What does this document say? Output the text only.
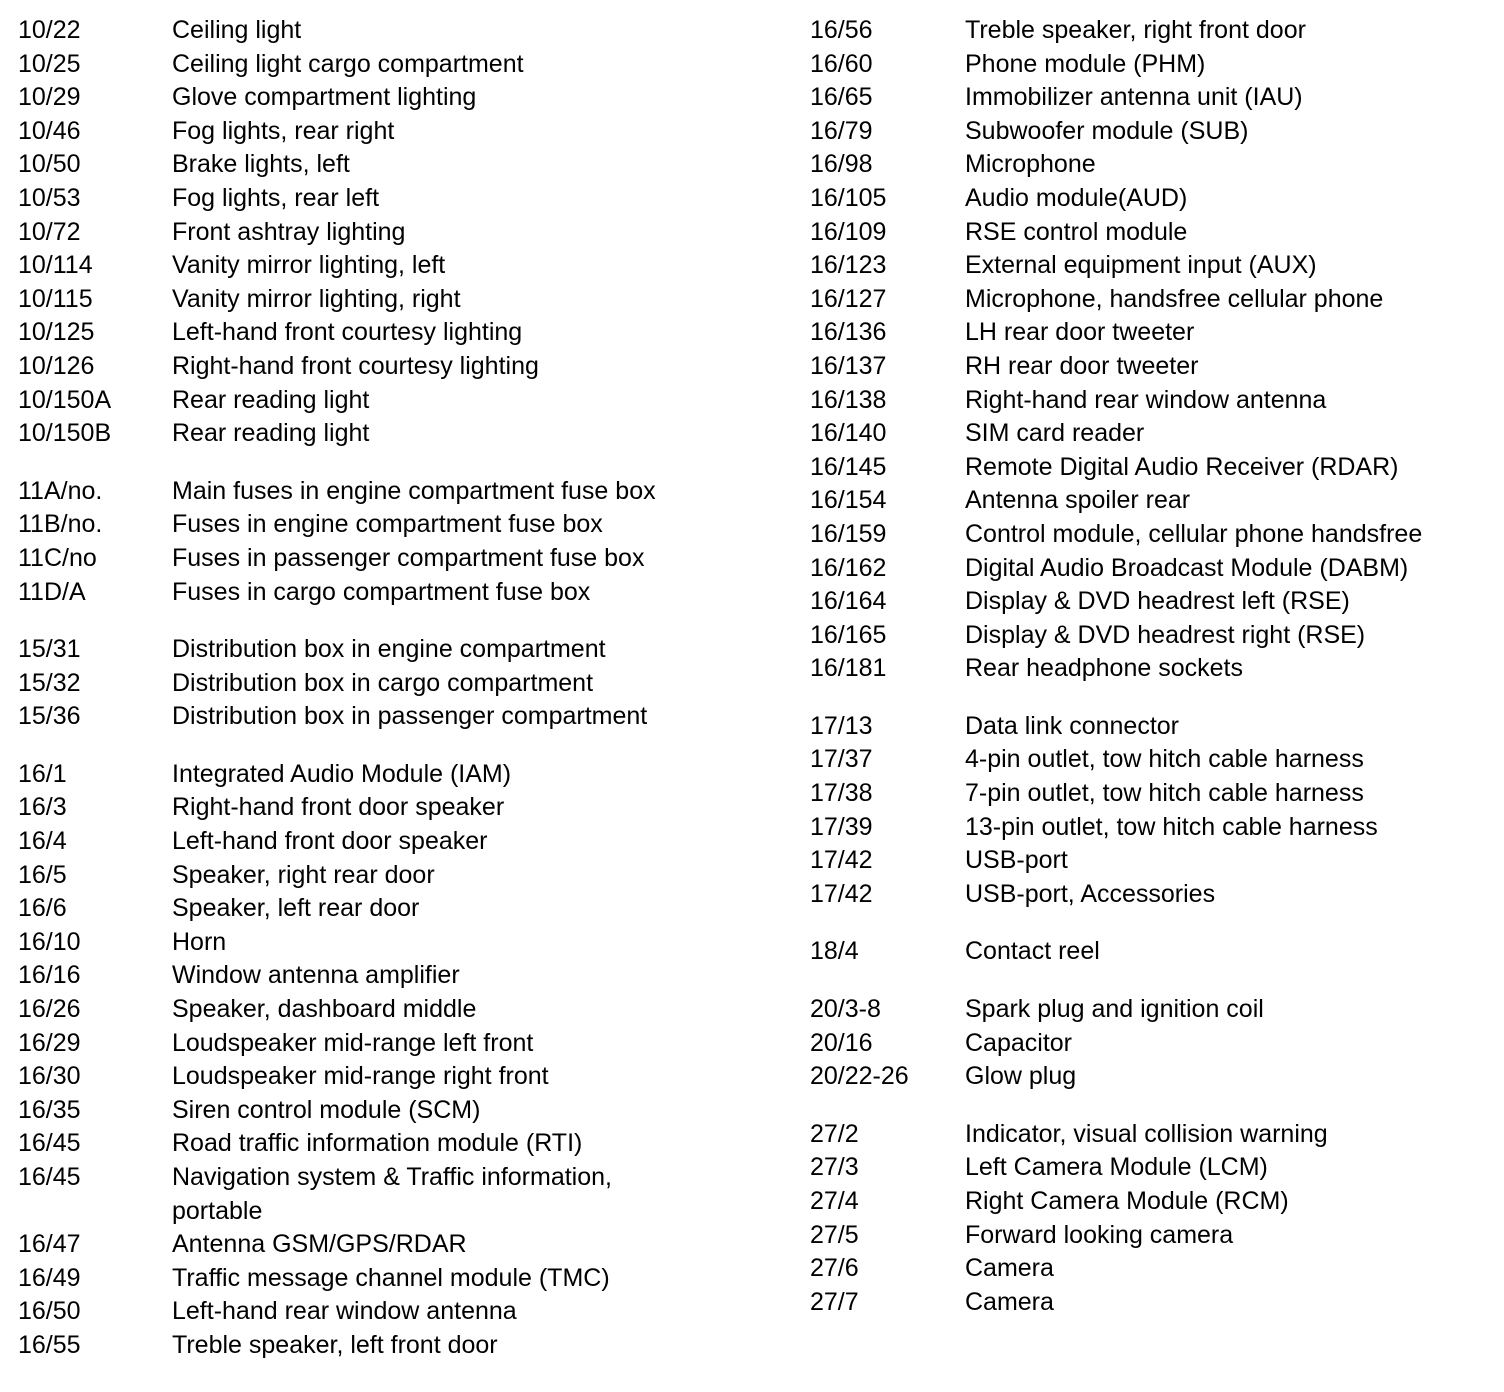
10/22	Ceiling light
10/25	Ceiling light cargo compartment
10/29	Glove compartment lighting
10/46	Fog lights, rear right
10/50	Brake lights, left
10/53	Fog lights, rear left
10/72	Front ashtray lighting
10/114	Vanity mirror lighting, left
10/115	Vanity mirror lighting, right
10/125	Left-hand front courtesy lighting
10/126	Right-hand front courtesy lighting
10/150A	Rear reading light
10/150B	Rear reading light
11A/no.	Main fuses in engine compartment fuse box
11B/no.	Fuses in engine compartment fuse box
11C/no	Fuses in passenger compartment fuse box
11D/A	Fuses in cargo compartment fuse box
15/31	Distribution box in engine compartment
15/32	Distribution box in cargo compartment
15/36	Distribution box in passenger compartment
16/1	Integrated Audio Module (IAM)
16/3	Right-hand front door speaker
16/4	Left-hand front door speaker
16/5	Speaker, right rear door
16/6	Speaker, left rear door
16/10	Horn
16/16	Window antenna amplifier
16/26	Speaker, dashboard middle
16/29	Loudspeaker mid-range left front
16/30	Loudspeaker mid-range right front
16/35	Siren control module (SCM)
16/45	Road traffic information module (RTI)
16/45	Navigation system & Traffic information,
portable
16/47	Antenna GSM/GPS/RDAR
16/49	Traffic message channel module (TMC)
16/50	Left-hand rear window antenna
16/55	Treble speaker, left front door
16/56	Treble speaker, right front door
16/60	Phone module (PHM)
16/65	Immobilizer antenna unit (IAU)
16/79	Subwoofer module (SUB)
16/98	Microphone
16/105	Audio module(AUD)
16/109	RSE control module
16/123	External equipment input (AUX)
16/127	Microphone, handsfree cellular phone
16/136	LH rear door tweeter
16/137	RH rear door tweeter
16/138	Right-hand rear window antenna
16/140	SIM card reader
16/145	Remote Digital Audio Receiver (RDAR)
16/154	Antenna spoiler rear
16/159	Control module, cellular phone handsfree
16/162	Digital Audio Broadcast Module (DABM)
16/164	Display & DVD headrest left (RSE)
16/165	Display & DVD headrest right (RSE)
16/181	Rear headphone sockets
17/13	Data link connector
17/37	4-pin outlet, tow hitch cable harness
17/38	7-pin outlet, tow hitch cable harness
17/39	13-pin outlet, tow hitch cable harness
17/42	USB-port
17/42	USB-port, Accessories
18/4	Contact reel
20/3-8	Spark plug and ignition coil
20/16	Capacitor
20/22-26	Glow plug
27/2	Indicator, visual collision warning
27/3	Left Camera Module (LCM)
27/4	Right Camera Module (RCM)
27/5	Forward looking camera
27/6	Camera
27/7	Camera
